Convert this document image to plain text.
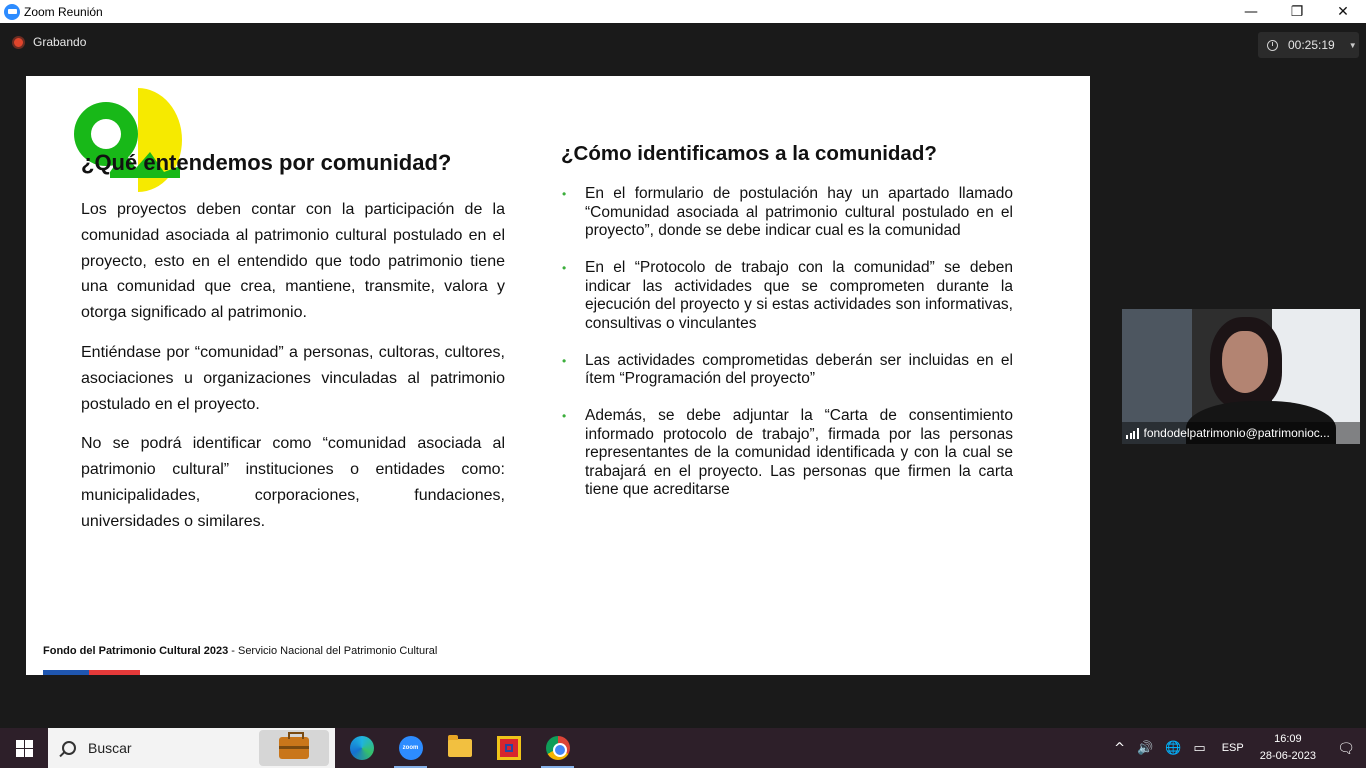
Zoom Reunión	—	❐	✕
Grabando	00:25:19 ▼
¿Qué entendemos por comunidad?

Los proyectos deben contar con la participación de la comunidad asociada al patrimonio cultural postulado en el proyecto, esto en el entendido que todo patrimonio tiene una comunidad que crea, mantiene, transmite, valora y otorga significado al patrimonio.

Entiéndase por “comunidad” a personas, cultoras, cultores, asociaciones u organizaciones vinculadas al patrimonio postulado en el proyecto.

No se podrá identificar como “comunidad asociada al patrimonio cultural” instituciones o entidades como: municipalidades, corporaciones, fundaciones, universidades o similares.

¿Cómo identificamos a la comunidad?
• En el formulario de postulación hay un apartado llamado “Comunidad asociada al patrimonio cultural postulado en el proyecto”, donde se debe indicar cual es la comunidad
• En el “Protocolo de trabajo con la comunidad” se deben indicar las actividades que se comprometen durante la ejecución del proyecto y si estas actividades son informativas, consultivas o vinculantes
• Las actividades comprometidas deberán ser incluidas en el ítem “Programación del proyecto”
• Además, se debe adjuntar la “Carta de consentimiento informado protocolo de trabajo”, firmada por las personas representantes de la comunidad identificada y con la cual se trabajará en el proyecto. Las personas que firmen la carta tiene que acreditarse
Fondo del Patrimonio Cultural 2023 - Servicio Nacional del Patrimonio Cultural
fondodelpatrimonio@patrimonioc...
Buscar	zoom	^ 🔊 🌐 ▭ ESP
16:09
28-06-2023
🗨
